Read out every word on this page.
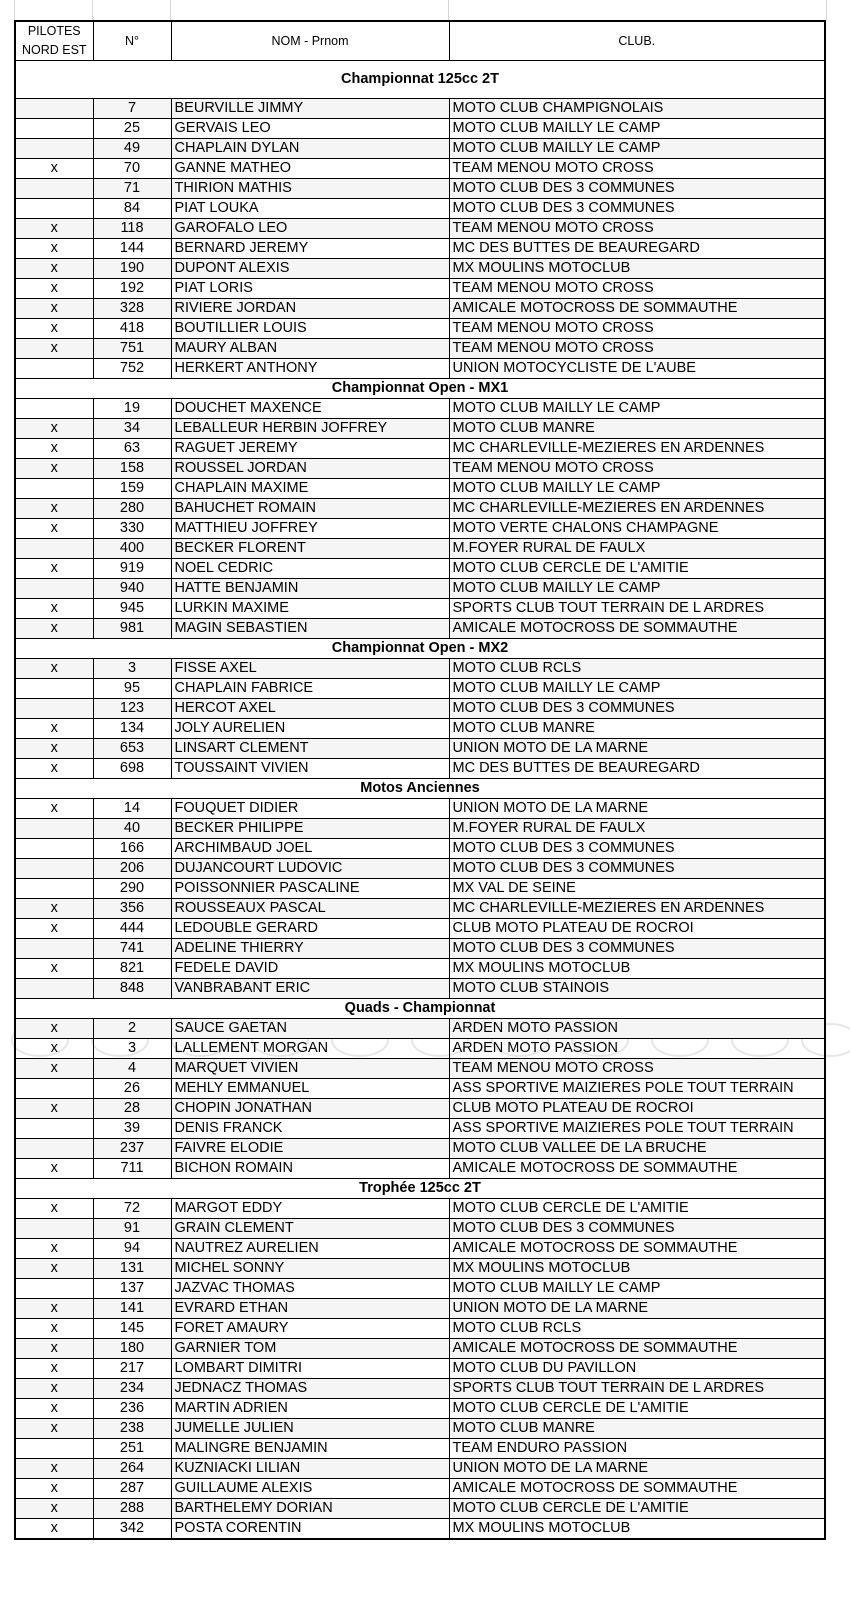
PILOTES
NORD EST	N°	NOM - Prnom	CLUB.
Championnat 125cc 2T			
	7	BEURVILLE JIMMY	MOTO CLUB CHAMPIGNOLAIS
	25	GERVAIS LEO	MOTO CLUB MAILLY LE CAMP
	49	CHAPLAIN DYLAN	MOTO CLUB MAILLY LE CAMP
x	70	GANNE MATHEO	TEAM MENOU MOTO CROSS
	71	THIRION MATHIS	MOTO CLUB DES 3 COMMUNES
	84	PIAT LOUKA	MOTO CLUB DES 3 COMMUNES
x	118	GAROFALO LEO	TEAM MENOU MOTO CROSS
x	144	BERNARD JEREMY	MC DES BUTTES DE BEAUREGARD
x	190	DUPONT ALEXIS	MX MOULINS MOTOCLUB
x	192	PIAT LORIS	TEAM MENOU MOTO CROSS
x	328	RIVIERE JORDAN	AMICALE MOTOCROSS DE SOMMAUTHE
x	418	BOUTILLIER LOUIS	TEAM MENOU MOTO CROSS
x	751	MAURY ALBAN	TEAM MENOU MOTO CROSS
	752	HERKERT ANTHONY	UNION MOTOCYCLISTE DE L'AUBE
Championnat Open - MX1			
	19	DOUCHET MAXENCE	MOTO CLUB MAILLY LE CAMP
x	34	LEBALLEUR HERBIN JOFFREY	MOTO CLUB MANRE
x	63	RAGUET JEREMY	MC CHARLEVILLE-MEZIERES EN ARDENNES
x	158	ROUSSEL JORDAN	TEAM MENOU MOTO CROSS
	159	CHAPLAIN MAXIME	MOTO CLUB MAILLY LE CAMP
x	280	BAHUCHET ROMAIN	MC CHARLEVILLE-MEZIERES EN ARDENNES
x	330	MATTHIEU JOFFREY	MOTO VERTE CHALONS CHAMPAGNE
	400	BECKER FLORENT	M.FOYER RURAL DE FAULX
x	919	NOEL CEDRIC	MOTO CLUB CERCLE DE L'AMITIE
	940	HATTE BENJAMIN	MOTO CLUB MAILLY LE CAMP
x	945	LURKIN MAXIME	SPORTS CLUB TOUT TERRAIN DE L ARDRES
x	981	MAGIN SEBASTIEN	AMICALE MOTOCROSS DE SOMMAUTHE
Championnat Open - MX2			
x	3	FISSE AXEL	MOTO CLUB RCLS
	95	CHAPLAIN FABRICE	MOTO CLUB MAILLY LE CAMP
	123	HERCOT AXEL	MOTO CLUB DES 3 COMMUNES
x	134	JOLY AURELIEN	MOTO CLUB MANRE
x	653	LINSART CLEMENT	UNION MOTO DE LA MARNE
x	698	TOUSSAINT VIVIEN	MC DES BUTTES DE BEAUREGARD
Motos Anciennes			
x	14	FOUQUET DIDIER	UNION MOTO DE LA MARNE
	40	BECKER PHILIPPE	M.FOYER RURAL DE FAULX
	166	ARCHIMBAUD JOEL	MOTO CLUB DES 3 COMMUNES
	206	DUJANCOURT LUDOVIC	MOTO CLUB DES 3 COMMUNES
	290	POISSONNIER PASCALINE	MX VAL DE SEINE
x	356	ROUSSEAUX PASCAL	MC CHARLEVILLE-MEZIERES EN ARDENNES
x	444	LEDOUBLE GERARD	CLUB MOTO PLATEAU DE ROCROI
	741	ADELINE THIERRY	MOTO CLUB DES 3 COMMUNES
x	821	FEDELE DAVID	MX MOULINS MOTOCLUB
	848	VANBRABANT ERIC	MOTO CLUB STAINOIS
Quads - Championnat			
x	2	SAUCE GAETAN	ARDEN MOTO PASSION
x	3	LALLEMENT MORGAN	ARDEN MOTO PASSION
x	4	MARQUET VIVIEN	TEAM MENOU MOTO CROSS
	26	MEHLY EMMANUEL	ASS SPORTIVE MAIZIERES POLE TOUT TERRAIN
x	28	CHOPIN JONATHAN	CLUB MOTO PLATEAU DE ROCROI
	39	DENIS FRANCK	ASS SPORTIVE MAIZIERES POLE TOUT TERRAIN
	237	FAIVRE ELODIE	MOTO CLUB VALLEE DE LA BRUCHE
x	711	BICHON ROMAIN	AMICALE MOTOCROSS DE SOMMAUTHE
Trophée 125cc 2T			
x	72	MARGOT EDDY	MOTO CLUB CERCLE DE L'AMITIE
	91	GRAIN CLEMENT	MOTO CLUB DES 3 COMMUNES
x	94	NAUTREZ AURELIEN	AMICALE MOTOCROSS DE SOMMAUTHE
x	131	MICHEL SONNY	MX MOULINS MOTOCLUB
	137	JAZVAC THOMAS	MOTO CLUB MAILLY LE CAMP
x	141	EVRARD ETHAN	UNION MOTO DE LA MARNE
x	145	FORET AMAURY	MOTO CLUB RCLS
x	180	GARNIER TOM	AMICALE MOTOCROSS DE SOMMAUTHE
x	217	LOMBART DIMITRI	MOTO CLUB DU PAVILLON
x	234	JEDNACZ THOMAS	SPORTS CLUB TOUT TERRAIN DE L ARDRES
x	236	MARTIN ADRIEN	MOTO CLUB CERCLE DE L'AMITIE
x	238	JUMELLE JULIEN	MOTO CLUB MANRE
	251	MALINGRE BENJAMIN	TEAM ENDURO PASSION
x	264	KUZNIACKI LILIAN	UNION MOTO DE LA MARNE
x	287	GUILLAUME ALEXIS	AMICALE MOTOCROSS DE SOMMAUTHE
x	288	BARTHELEMY DORIAN	MOTO CLUB CERCLE DE L'AMITIE
x	342	POSTA CORENTIN	MX MOULINS MOTOCLUB
